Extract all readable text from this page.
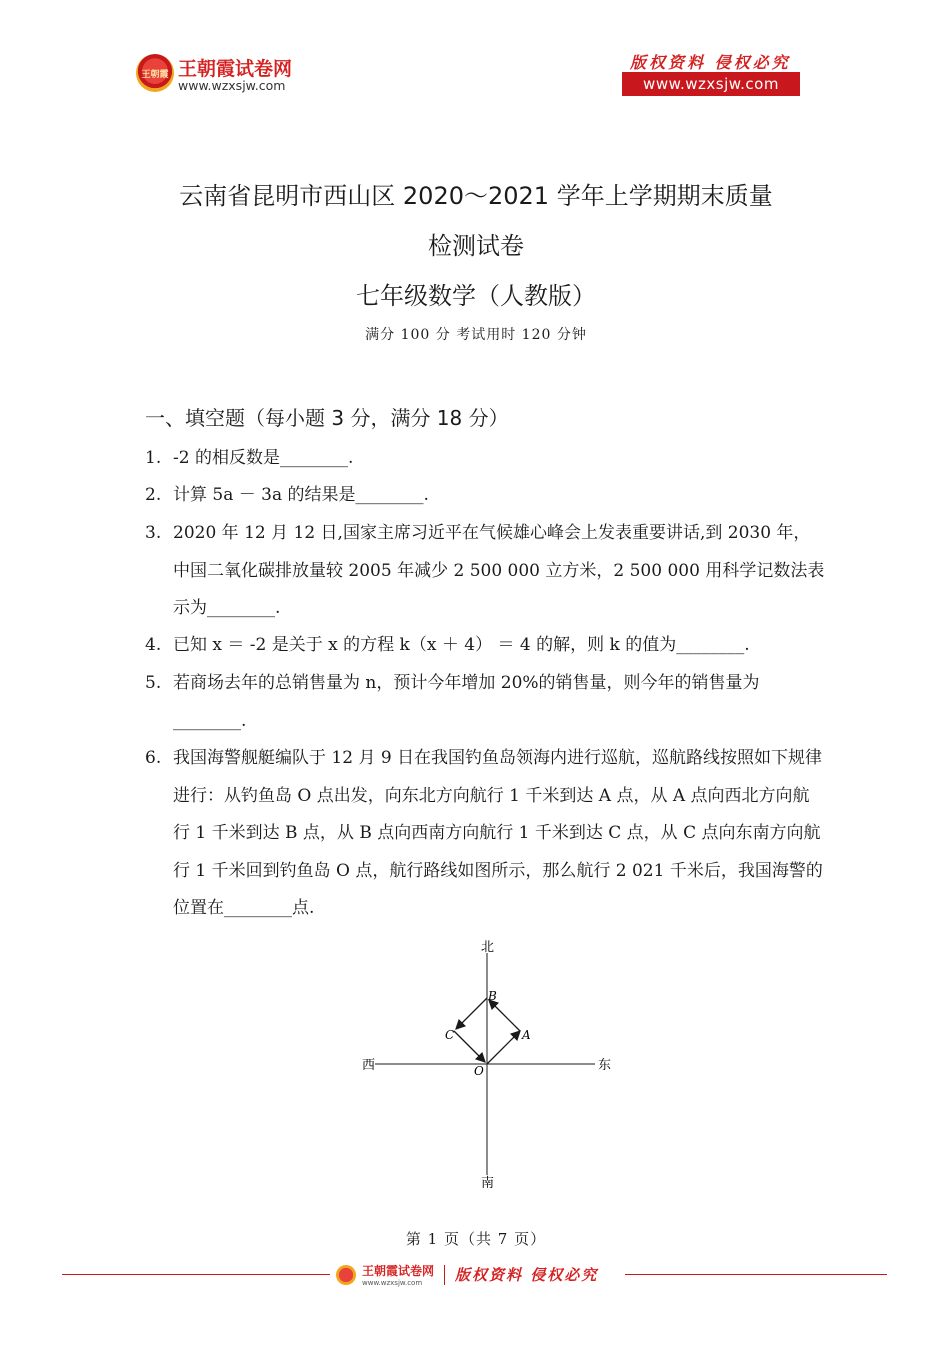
王朝霞 王朝霞试卷网
www.wzxsjw.com
版权资料 侵权必究
www.wzxsjw.com
云南省昆明市西山区 2020～2021 学年上学期期末质量
检测试卷
七年级数学（人教版）
满分 100 分 考试用时 120 分钟
一、填空题（每小题 3 分，满分 18 分）
1. -2 的相反数是________.
2. 计算 5a － 3a 的结果是________.
3. 2020 年 12 月 12 日,国家主席习近平在气候雄心峰会上发表重要讲话,到 2030 年，中国二氧化碳排放量较 2005 年减少 2 500 000 立方米，2 500 000 用科学记数法表示为________.
4. 已知 x ＝ -2 是关于 x 的方程 k（x ＋ 4） ＝ 4 的解，则 k 的值为________.
5. 若商场去年的总销售量为 n，预计今年增加 20%的销售量，则今年的销售量为________.
6. 我国海警舰艇编队于 12 月 9 日在我国钓鱼岛领海内进行巡航，巡航路线按照如下规律进行：从钓鱼岛 O 点出发，向东北方向航行 1 千米到达 A 点，从 A 点向西北方向航行 1 千米到达 B 点，从 B 点向西南方向航行 1 千米到达 C 点，从 C 点向东南方向航行 1 千米回到钓鱼岛 O 点，航行路线如图所示，那么航行 2 021 千米后，我国海警的位置在________点.
北
南
东
西	O
A
B
C
第 1 页（共 7 页）
王朝霞试卷网
www.wzxsjw.com	版权资料 侵权必究
